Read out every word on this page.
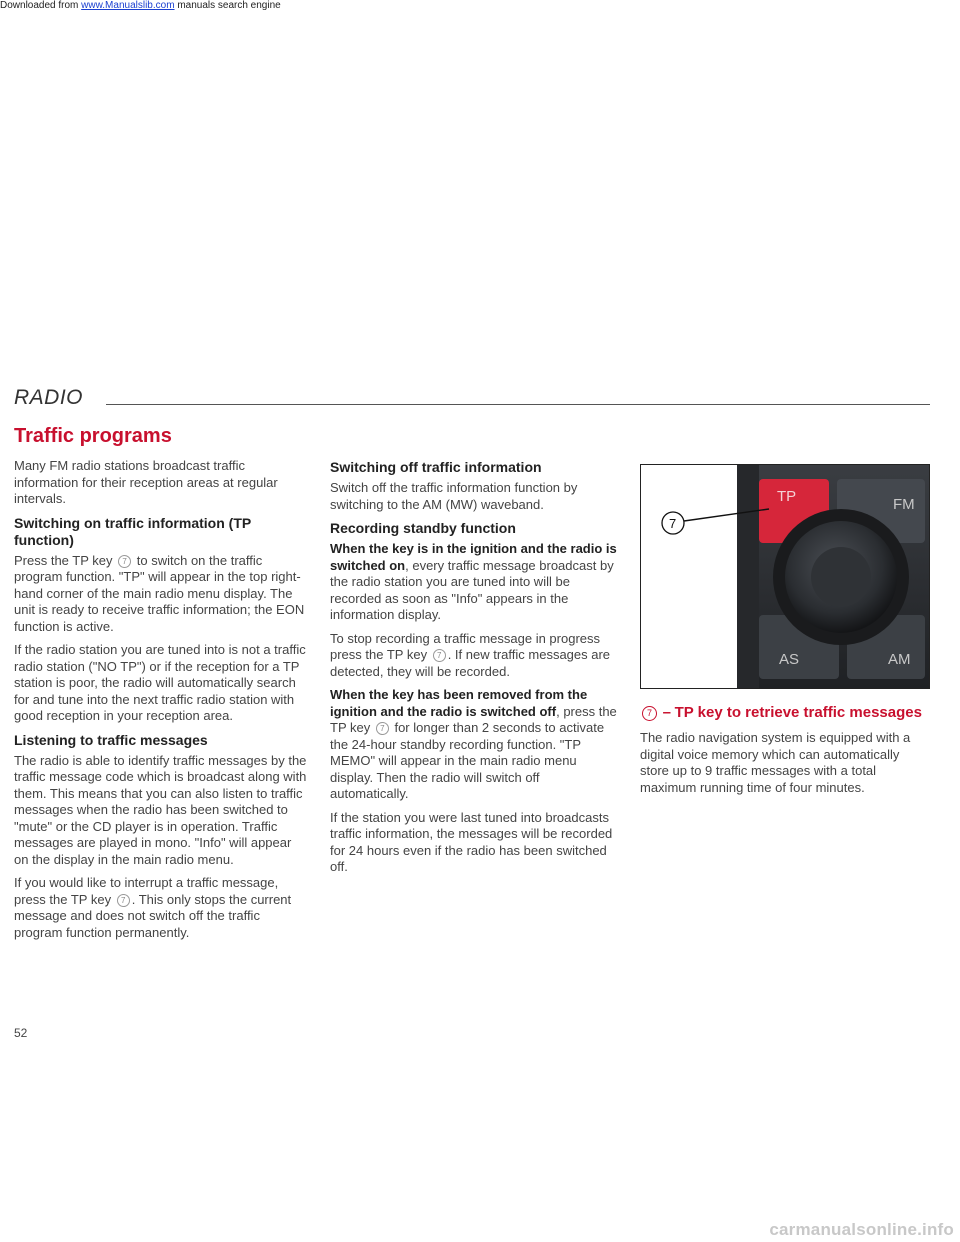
Downloaded from www.Manualslib.com manuals search engine
RADIO
Traffic programs

Many FM radio stations broadcast traffic information for their reception areas at regular intervals.

Switching on traffic information (TP function)

Press the TP key 7 to switch on the traffic program function. "TP" will appear in the top right-hand corner of the main radio menu display. The unit is ready to receive traffic information; the EON function is active.

If the radio station you are tuned into is not a traffic radio station ("NO TP") or if the reception for a TP station is poor, the radio will automatically search for and tune into the next traffic radio station with good reception in your reception area.

Listening to traffic messages

The radio is able to identify traffic messages by the traffic message code which is broadcast along with them. This means that you can also listen to traffic messages when the radio has been switched to "mute" or the CD player is in operation. Traffic messages are played in mono. "Info" will appear on the display in the main radio menu.

If you would like to interrupt a traffic message, press the TP key 7 . This only stops the current message and does not switch off the traffic program function permanently.

52
Switching off traffic information

Switch off the traffic information function by switching to the AM (MW) waveband.

Recording standby function

When the key is in the ignition and the radio is switched on, every traffic message broadcast by the radio station you are tuned into will be recorded as soon as "Info" appears in the information display.

To stop recording a traffic message in progress press the TP key 7 . If new traffic messages are detected, they will be recorded.

When the key has been removed from the ignition and the radio is switched off, press the TP key 7 for longer than 2 seconds to activate the 24-hour standby recording function. "TP MEMO" will appear in the main radio menu display. Then the radio will switch off automatically.

If the station you were last tuned into broadcasts traffic information, the messages will be recorded for 24 hours even if the radio has been switched off.

TP	FM
AS	AM
7
7 – TP key to retrieve traffic messages

The radio navigation system is equipped with a digital voice memory which can automatically store up to 9 traffic messages with a total maximum running time of four minutes.

carmanualsonline.info
